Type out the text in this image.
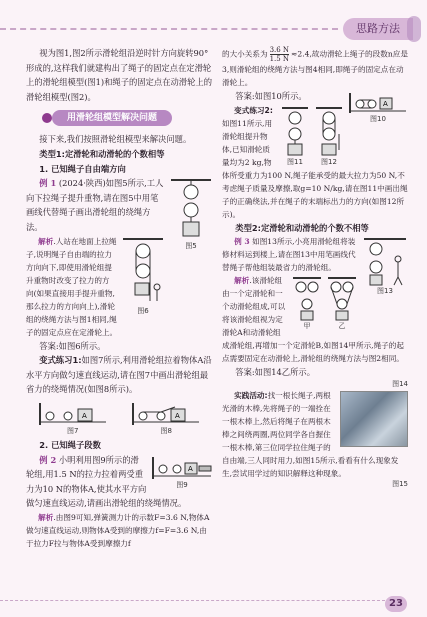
思路方法

视为图1,图2所示滑轮组沿逆时针方向旋转90°形成的,这样我们就建构出了绳子的固定点在定滑轮上的滑轮组模型(图1)和绳子的固定点在动滑轮上的滑轮组模型(图2)。

用滑轮组模型解决问题

接下来,我们按照滑轮组模型来解决问题。

类型1:定滑轮和动滑轮的个数相等

1. 已知绳子自由端方向

图5

例 1 (2024·陕西)如图5所示,工人向下拉绳子提升重物,请在图5中用笔画线代替绳子画出滑轮组的绕绳方法。

图6

解析.人站在地面上拉绳子,说明绳子自由端的拉力方向向下,即使用滑轮组提升重物时改变了拉力的方向(如果直接用手提升重物,那么拉力的方向向上),滑轮组的绕绳方法与图1相同,绳子的固定点应在定滑轮上。

答案:如图6所示。

变式练习1:如图7所示,利用滑轮组拉着物体A沿水平方向做匀速直线运动,请在图7中画出滑轮组最省力的绕绳情况(如图8所示)。

A
图7
A
图8

2. 已知绳子段数

A
图9

例 2 小明利用图9所示的滑轮组,用1.5 N的拉力拉着两受重力为10 N的物体A,使其水平方向做匀速直线运动,请画出滑轮组的绕绳情况。

解析.由图9可知,弹簧测力计的示数F=3.6 N,物体A做匀速直线运动,则物体A受到的摩擦力f=F=3.6 N,由于拉力F拉与物体A受到摩擦力f

的大小关系为 $\frac{3.6 N}{1.5 N} \approx 2.4$,故动滑轮上绳子的段数n应是3,则滑轮组的绕绳方法与图4相同,即绳子的固定点在动滑轮上。

A
图10

答案:如图10所示。

图11	图12

变式练习2:如图11所示,用滑轮组提升物体,已知滑轮质量均为2 kg,物体所受重力为100 N,绳子能承受的最大拉力为50 N,不考虑绳子质量及摩擦,取g=10 N/kg,请在图11中画出绳子的正确绕法,并在绳子的末端标出力的方向(如图12所示)。

类型2:定滑轮和动滑轮的个数不相等

图13

例 3 如图13所示,小亮用滑轮组将装修材料运到楼上,请在图13中用笔画线代替绳子帮他组装最省力的滑轮组。

甲	乙

解析.该滑轮组由一个定滑轮和一个动滑轮组成,可以将该滑轮组视为定滑轮A和动滑轮组成滑轮组,再增加一个定滑轮B,如图14甲所示,绳子的起点需要固定在动滑轮上,滑轮组的绕绳方法与图2相同。

答案:如图14乙所示。

图14

实践活动:找一根长绳子,两根光滑的木棒,先将绳子的一端拴在一根木棒上,然后将绳子在两根木棒之间绕两圈,两位同学各自握住一根木棒,第三位同学拉住绳子的自由端,三人同时用力,如图15所示,看看有什么现象发生,尝试用学过的知识解释这种现象。

图15
23
